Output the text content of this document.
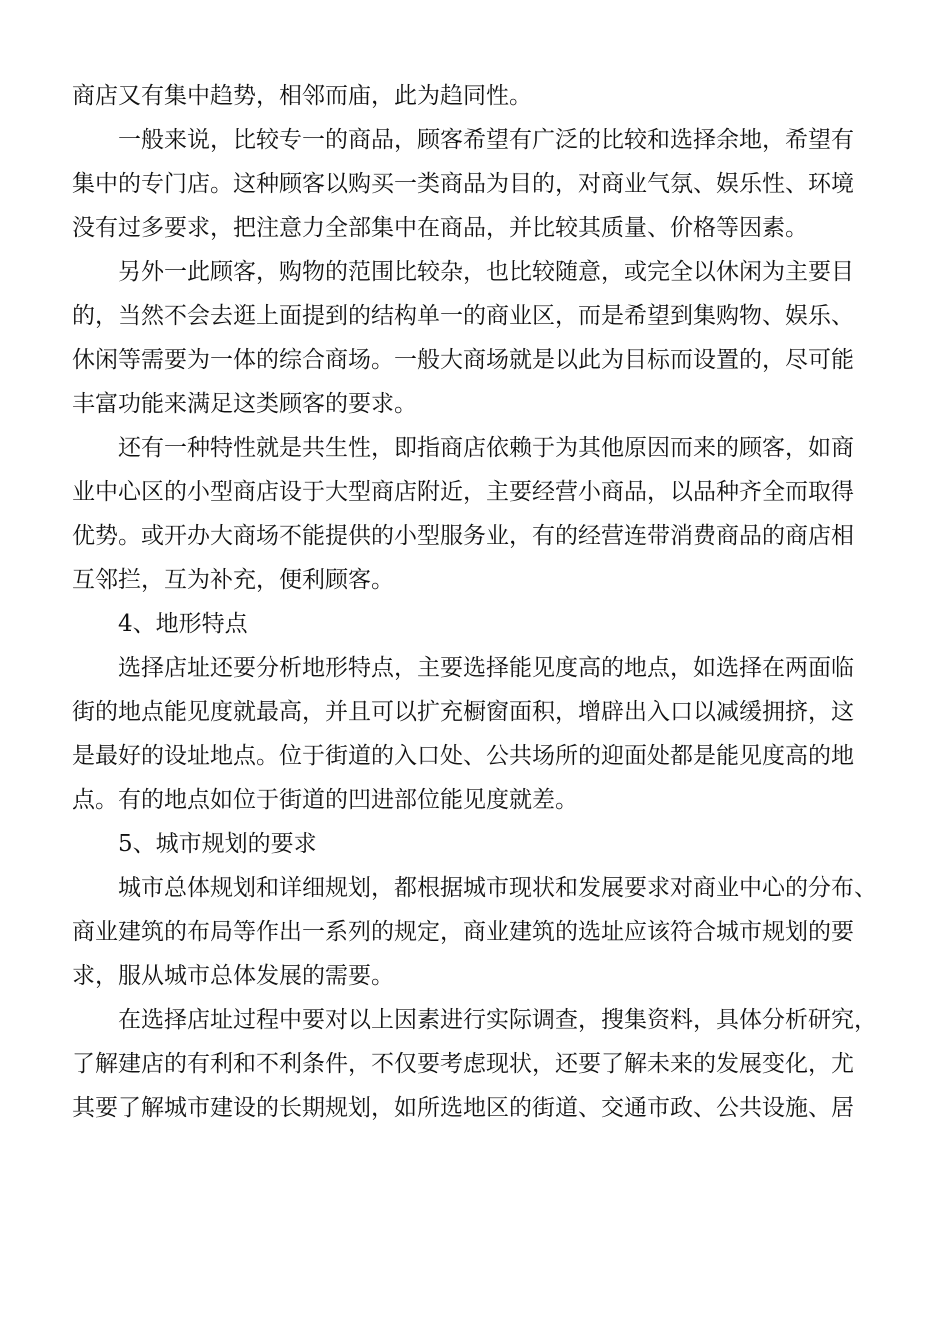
商店又有集中趋势，相邻而庙，此为趋同性。
一般来说，比较专一的商品，顾客希望有广泛的比较和选择余地，希望有
集中的专门店。这种顾客以购买一类商品为目的，对商业气氛、娱乐性、环境
没有过多要求，把注意力全部集中在商品，并比较其质量、价格等因素。
另外一此顾客，购物的范围比较杂，也比较随意，或完全以休闲为主要目
的，当然不会去逛上面提到的结构单一的商业区，而是希望到集购物、娱乐、
休闲等需要为一体的综合商场。一般大商场就是以此为目标而设置的，尽可能
丰富功能来满足这类顾客的要求。
还有一种特性就是共生性，即指商店依赖于为其他原因而来的顾客，如商
业中心区的小型商店设于大型商店附近，主要经营小商品，以品种齐全而取得
优势。或开办大商场不能提供的小型服务业，有的经营连带消费商品的商店相
互邻拦，互为补充，便利顾客。
4、地形特点
选择店址还要分析地形特点，主要选择能见度高的地点，如选择在两面临
街的地点能见度就最高，并且可以扩充橱窗面积，增辟出入口以减缓拥挤，这
是最好的设址地点。位于街道的入口处、公共场所的迎面处都是能见度高的地
点。有的地点如位于街道的凹进部位能见度就差。
5、城市规划的要求
城市总体规划和详细规划，都根据城市现状和发展要求对商业中心的分布、
商业建筑的布局等作出一系列的规定，商业建筑的选址应该符合城市规划的要
求，服从城市总体发展的需要。
在选择店址过程中要对以上因素进行实际调查，搜集资料，具体分析研究，
了解建店的有利和不利条件，不仅要考虑现状，还要了解未来的发展变化，尤
其要了解城市建设的长期规划，如所选地区的街道、交通市政、公共设施、居
